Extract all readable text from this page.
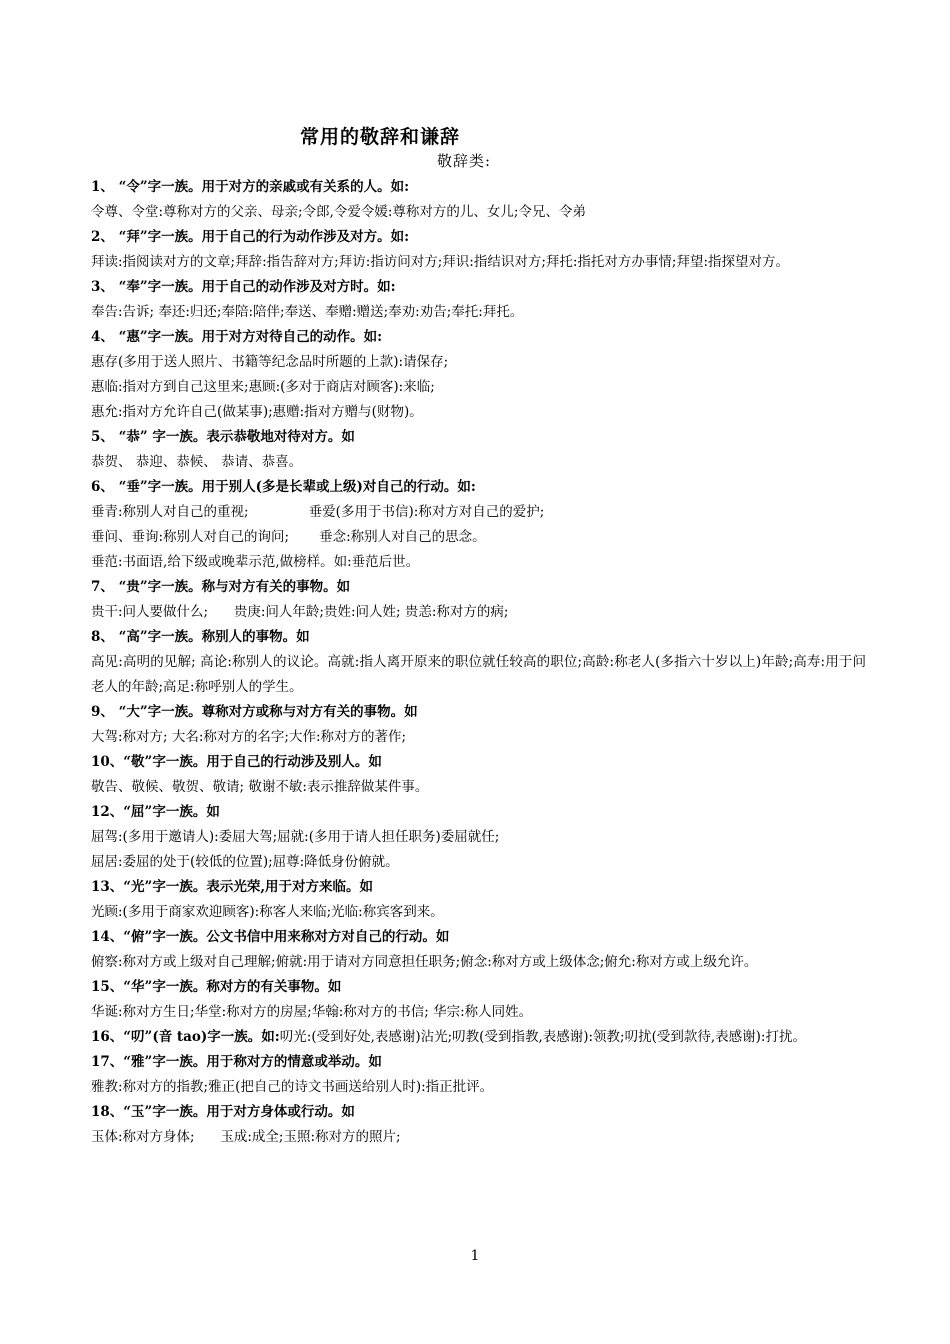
常用的敬辞和谦辞
敬辞类:
1、 “令”字一族。用于对方的亲戚或有关系的人。如:
令尊、令堂:尊称对方的父亲、母亲;令郎,令爱令媛:尊称对方的儿、女儿;令兄、令弟
2、 “拜”字一族。用于自己的行为动作涉及对方。如:
拜读:指阅读对方的文章;拜辞:指告辞对方;拜访:指访问对方;拜识:指结识对方;拜托:指托对方办事情;拜望:指探望对方。
3、 “奉”字一族。用于自己的动作涉及对方时。如:
奉告:告诉; 奉还:归还;奉陪:陪伴;奉送、奉赠:赠送;奉劝:劝告;奉托:拜托。
4、 “惠”字一族。用于对方对待自己的动作。如:
惠存(多用于送人照片、书籍等纪念品时所题的上款):请保存;
惠临:指对方到自己这里来;惠顾:(多对于商店对顾客):来临;
惠允:指对方允许自己(做某事);惠赠:指对方赠与(财物)。
5、 “恭” 字一族。表示恭敬地对待对方。如
恭贺、 恭迎、恭候、 恭请、恭喜。
6、 “垂”字一族。用于别人(多是长辈或上级)对自己的行动。如:
垂青:称别人对自己的重视;              垂爱(多用于书信):称对方对自己的爱护;
垂问、垂询:称别人对自己的询问;       垂念:称别人对自己的思念。
垂范:书面语,给下级或晚辈示范,做榜样。如:垂范后世。
7、 “贵”字一族。称与对方有关的事物。如
贵干:问人要做什么;      贵庚:问人年龄;贵姓:问人姓; 贵恙:称对方的病;
8、 “高”字一族。称别人的事物。如
高见:高明的见解; 高论:称别人的议论。高就:指人离开原来的职位就任较高的职位;高龄:称老人(多指六十岁以上)年龄;高寿:用于问老人的年龄;高足:称呼别人的学生。
9、 “大”字一族。尊称对方或称与对方有关的事物。如
大驾:称对方; 大名:称对方的名字;大作:称对方的著作;
10、“敬”字一族。用于自己的行动涉及别人。如
敬告、敬候、敬贺、敬请; 敬谢不敏:表示推辞做某件事。
12、“屈”字一族。如
屈驾:(多用于邀请人):委屈大驾;屈就:(多用于请人担任职务)委屈就任;
屈居:委屈的处于(较低的位置);屈尊:降低身份俯就。
13、“光”字一族。表示光荣,用于对方来临。如
光顾:(多用于商家欢迎顾客):称客人来临;光临:称宾客到来。
14、“俯”字一族。公文书信中用来称对方对自己的行动。如
俯察:称对方或上级对自己理解;俯就:用于请对方同意担任职务;俯念:称对方或上级体念;俯允:称对方或上级允许。
15、“华”字一族。称对方的有关事物。如
华诞:称对方生日;华堂:称对方的房屋;华翰:称对方的书信; 华宗:称人同姓。
16、“叨”(音 tao)字一族。如:叨光:(受到好处,表感谢)沾光;叨教(受到指教,表感谢):领教;叨扰(受到款待,表感谢):打扰。
17、“雅”字一族。用于称对方的情意或举动。如
雅教:称对方的指教;雅正(把自己的诗文书画送给别人时):指正批评。
18、“玉”字一族。用于对方身体或行动。如
玉体:称对方身体;      玉成:成全;玉照:称对方的照片;
1
